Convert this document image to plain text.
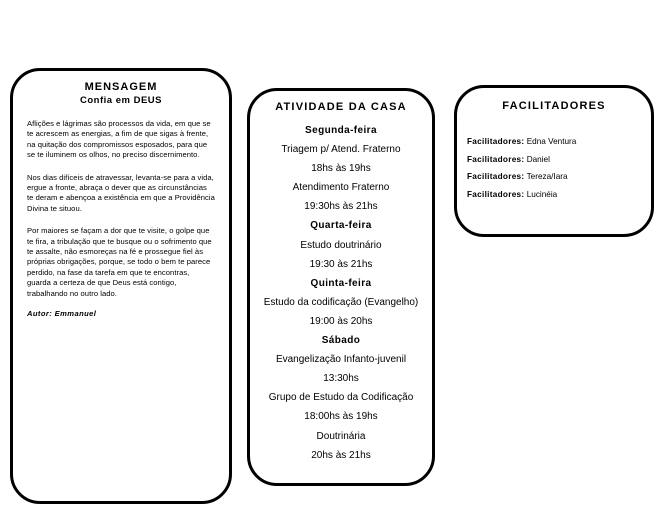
MENSAGEM
Confia em DEUS

Aflições e lágrimas são processos da vida, em que se te acrescem as energias, a fim de que sigas à frente, na quitação dos compromissos esposados, para que se te iluminem os olhos, no preciso discernimento.

Nos dias difíceis de atravessar, levanta-se para a vida, ergue a fronte, abraça o dever que as circunstâncias te deram e abençoa a existência em que a Providência Divina te situou.

Por maiores se façam a dor que te visite, o golpe que te fira, a tribulação que te busque ou o sofrimento que te assalte, não esmoreças na fé e prossegue fiel às próprias obrigações, porque, se todo o bem te parece perdido, na fase da tarefa em que te encontras, guarda a certeza de que Deus está contigo, trabalhando no outro lado.

Autor: Emmanuel
ATIVIDADE DA CASA
Segunda-feira
Triagem p/ Atend. Fraterno
18hs às 19hs
Atendimento Fraterno
19:30hs às 21hs
Quarta-feira
Estudo doutrinário
19:30 às 21hs
Quinta-feira
Estudo da codificação (Evangelho)
19:00 às 20hs
Sábado
Evangelização Infanto-juvenil
13:30hs
Grupo de Estudo da Codificação
18:00hs às 19hs
Doutrinária
20hs às 21hs
FACILITADORES
Facilitadores: Edna Ventura
Facilitadores: Daniel
Facilitadores: Tereza/Iara
Facilitadores: Lucinéia
